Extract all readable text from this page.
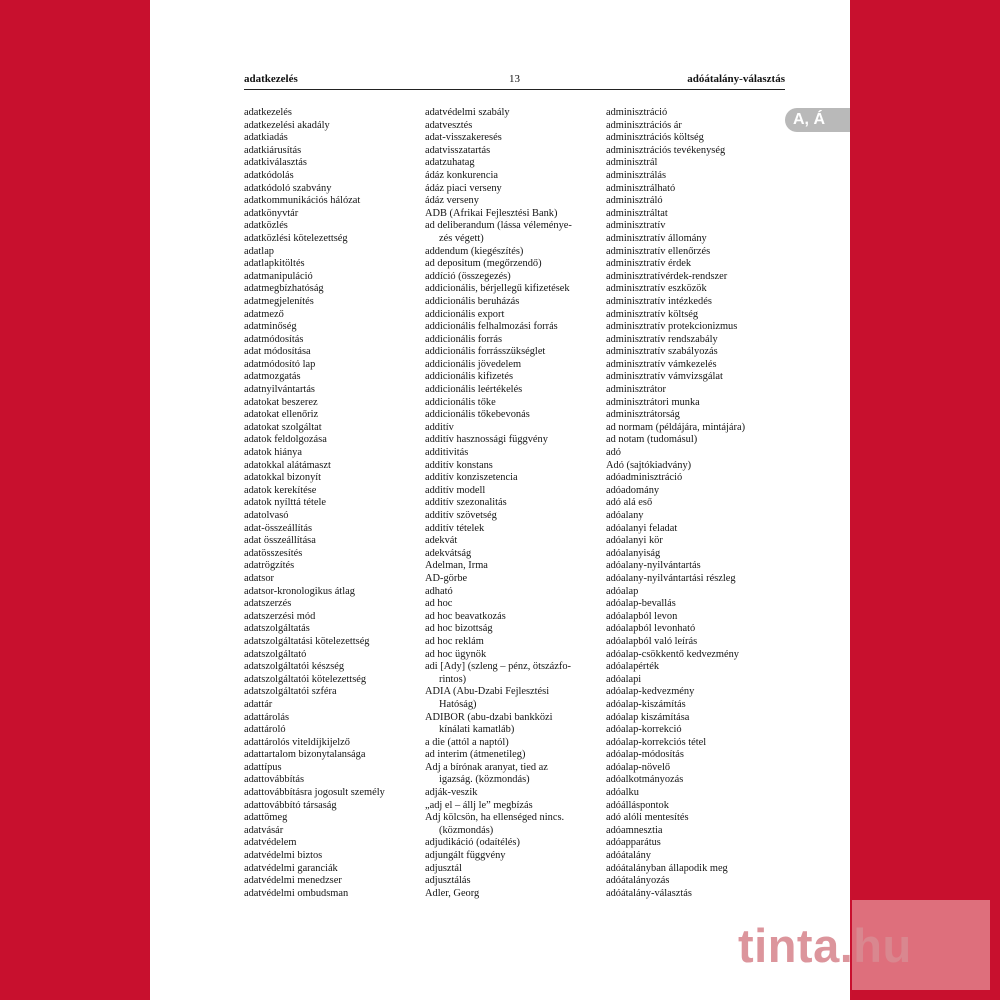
adatkezelés	13	adóátalány-választás
adatkezelés
adatkezelési akadály
adatkiadás
adatkiárusítás
adatkiválasztás
adatkódolás
adatkódoló szabvány
adatkommunikációs hálózat
adatkönyvtár
adatközlés
adatközlési kötelezettség
adatlap
adatlapkitöltés
adatmanipuláció
adatmegbízhatóság
adatmegjelenítés
adatmező
adatminőség
adatmódosítás
adat módosítása
adatmódosító lap
adatmozgatás
adatnyilvántartás
adatokat beszerez
adatokat ellenőriz
adatokat szolgáltat
adatok feldolgozása
adatok hiánya
adatokkal alátámaszt
adatokkal bizonyít
adatok kerekítése
adatok nyílttá tétele
adatolvasó
adat-összeállítás
adat összeállítása
adatösszesítés
adatrögzítés
adatsor
adatsor-kronologikus átlag
adatszerzés
adatszerzési mód
adatszolgáltatás
adatszolgáltatási kötelezettség
adatszolgáltató
adatszolgáltatói készség
adatszolgáltatói kötelezettség
adatszolgáltatói szféra
adattár
adattárolás
adattároló
adattárolós viteldíjkijelző
adattartalom bizonytalansága
adattípus
adattovábbítás
adattovábbításra jogosult személy
adattovábbító társaság
adattömeg
adatvásár
adatvédelem
adatvédelmi biztos
adatvédelmi garanciák
adatvédelmi menedzser
adatvédelmi ombudsman
adatvédelmi szabály
adatvesztés
adat-visszakeresés
adatvisszatartás
adatzuhatag
ádáz konkurencia
ádáz piaci verseny
ádáz verseny
ADB (Afrikai Fejlesztési Bank)
ad deliberandum (lássa véleménye-
zés végett)
addendum (kiegészítés)
ad depositum (megőrzendő)
addíció (összegezés)
addicionális, bérjellegű kifizetések
addicionális beruházás
addicionális export
addicionális felhalmozási forrás
addicionális forrás
addicionális forrásszükséglet
addicionális jövedelem
addicionális kifizetés
addicionális leértékelés
addicionális tőke
addicionális tőkebevonás
additív
additív hasznossági függvény
additivitás
additív konstans
additív konziszetencia
additív modell
additív szezonalitás
additív szövetség
additív tételek
adekvát
adekvátság
Adelman, Irma
AD-görbe
adható
ad hoc
ad hoc beavatkozás
ad hoc bizottság
ad hoc reklám
ad hoc ügynök
adi [Ady] (szleng – pénz, ötszázfo-
rintos)
ADIA (Abu-Dzabi Fejlesztési
Hatóság)
ADIBOR (abu-dzabi bankközi
kínálati kamatláb)
a die (attól a naptól)
ad interim (átmenetileg)
Adj a bírónak aranyat, tied az
igazság. (közmondás)
adják-veszik
„adj el – állj le” megbízás
Adj kölcsön, ha ellenséged nincs.
(közmondás)
adjudikáció (odaítélés)
adjungált függvény
adjusztál
adjusztálás
Adler, Georg
adminisztráció
adminisztrációs ár
adminisztrációs költség
adminisztrációs tevékenység
adminisztrál
adminisztrálás
adminisztrálható
adminisztráló
adminisztráltat
adminisztratív
adminisztratív állomány
adminisztratív ellenőrzés
adminisztratív érdek
adminisztratívérdek-rendszer
adminisztratív eszközök
adminisztratív intézkedés
adminisztratív költség
adminisztratív protekcionizmus
adminisztratív rendszabály
adminisztratív szabályozás
adminisztratív vámkezelés
adminisztratív vámvizsgálat
adminisztrátor
adminisztrátori munka
adminisztrátorság
ad normam (példájára, mintájára)
ad notam (tudomásul)
adó
Adó (sajtókiadvány)
adóadminisztráció
adóadomány
adó alá eső
adóalany
adóalanyi feladat
adóalanyi kör
adóalanyiság
adóalany-nyilvántartás
adóalany-nyilvántartási részleg
adóalap
adóalap-bevallás
adóalapból levon
adóalapból levonható
adóalapból való leírás
adóalap-csökkentő kedvezmény
adóalapérték
adóalapi
adóalap-kedvezmény
adóalap-kiszámítás
adóalap kiszámítása
adóalap-korrekció
adóalap-korrekciós tétel
adóalap-módosítás
adóalap-növelő
adóalkotmányozás
adóalku
adóálláspontok
adó alóli mentesítés
adóamnesztia
adóapparátus
adóátalány
adóátalányban állapodik meg
adóátalányozás
adóátalány-választás
A, Á
tinta.hu
